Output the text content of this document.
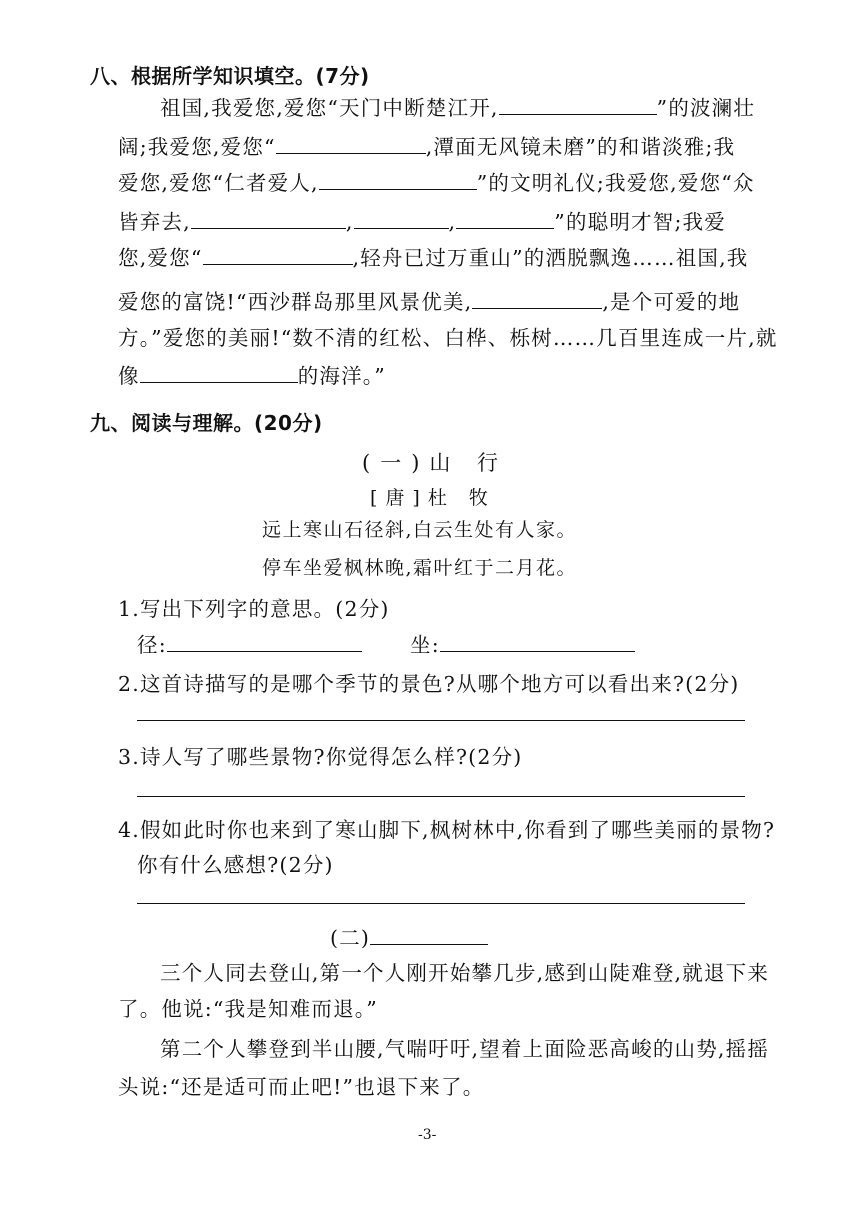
八、根据所学知识填空。(7分)
祖国,我爱您,爱您“天门中断楚江开,	”的波澜壮
阔;我爱您,爱您“	,潭面无风镜未磨”的和谐淡雅;我
爱您,爱您“仁者爱人,	”的文明礼仪;我爱您,爱您“众
皆弃去,	,	,	”的聪明才智;我爱
您,爱您“	,轻舟已过万重山”的洒脱飘逸……祖国,我
爱您的富饶!“西沙群岛那里风景优美,	,是个可爱的地
方。”爱您的美丽!“数不清的红松、白桦、栎树……几百里连成一片,就
像	的海洋。”
九、阅读与理解。(20分)
(一)山 行
[唐]杜 牧
远上寒山石径斜,白云生处有人家。
停车坐爱枫林晚,霜叶红于二月花。
1.写出下列字的意思。(2分)
径:	坐:
2.这首诗描写的是哪个季节的景色?从哪个地方可以看出来?(2分)
3.诗人写了哪些景物?你觉得怎么样?(2分)
4.假如此时你也来到了寒山脚下,枫树林中,你看到了哪些美丽的景物?
你有什么感想?(2分)
(二)
三个人同去登山,第一个人刚开始攀几步,感到山陡难登,就退下来
了。他说:“我是知难而退。”
第二个人攀登到半山腰,气喘吁吁,望着上面险恶高峻的山势,摇摇
头说:“还是适可而止吧!”也退下来了。
-3-
